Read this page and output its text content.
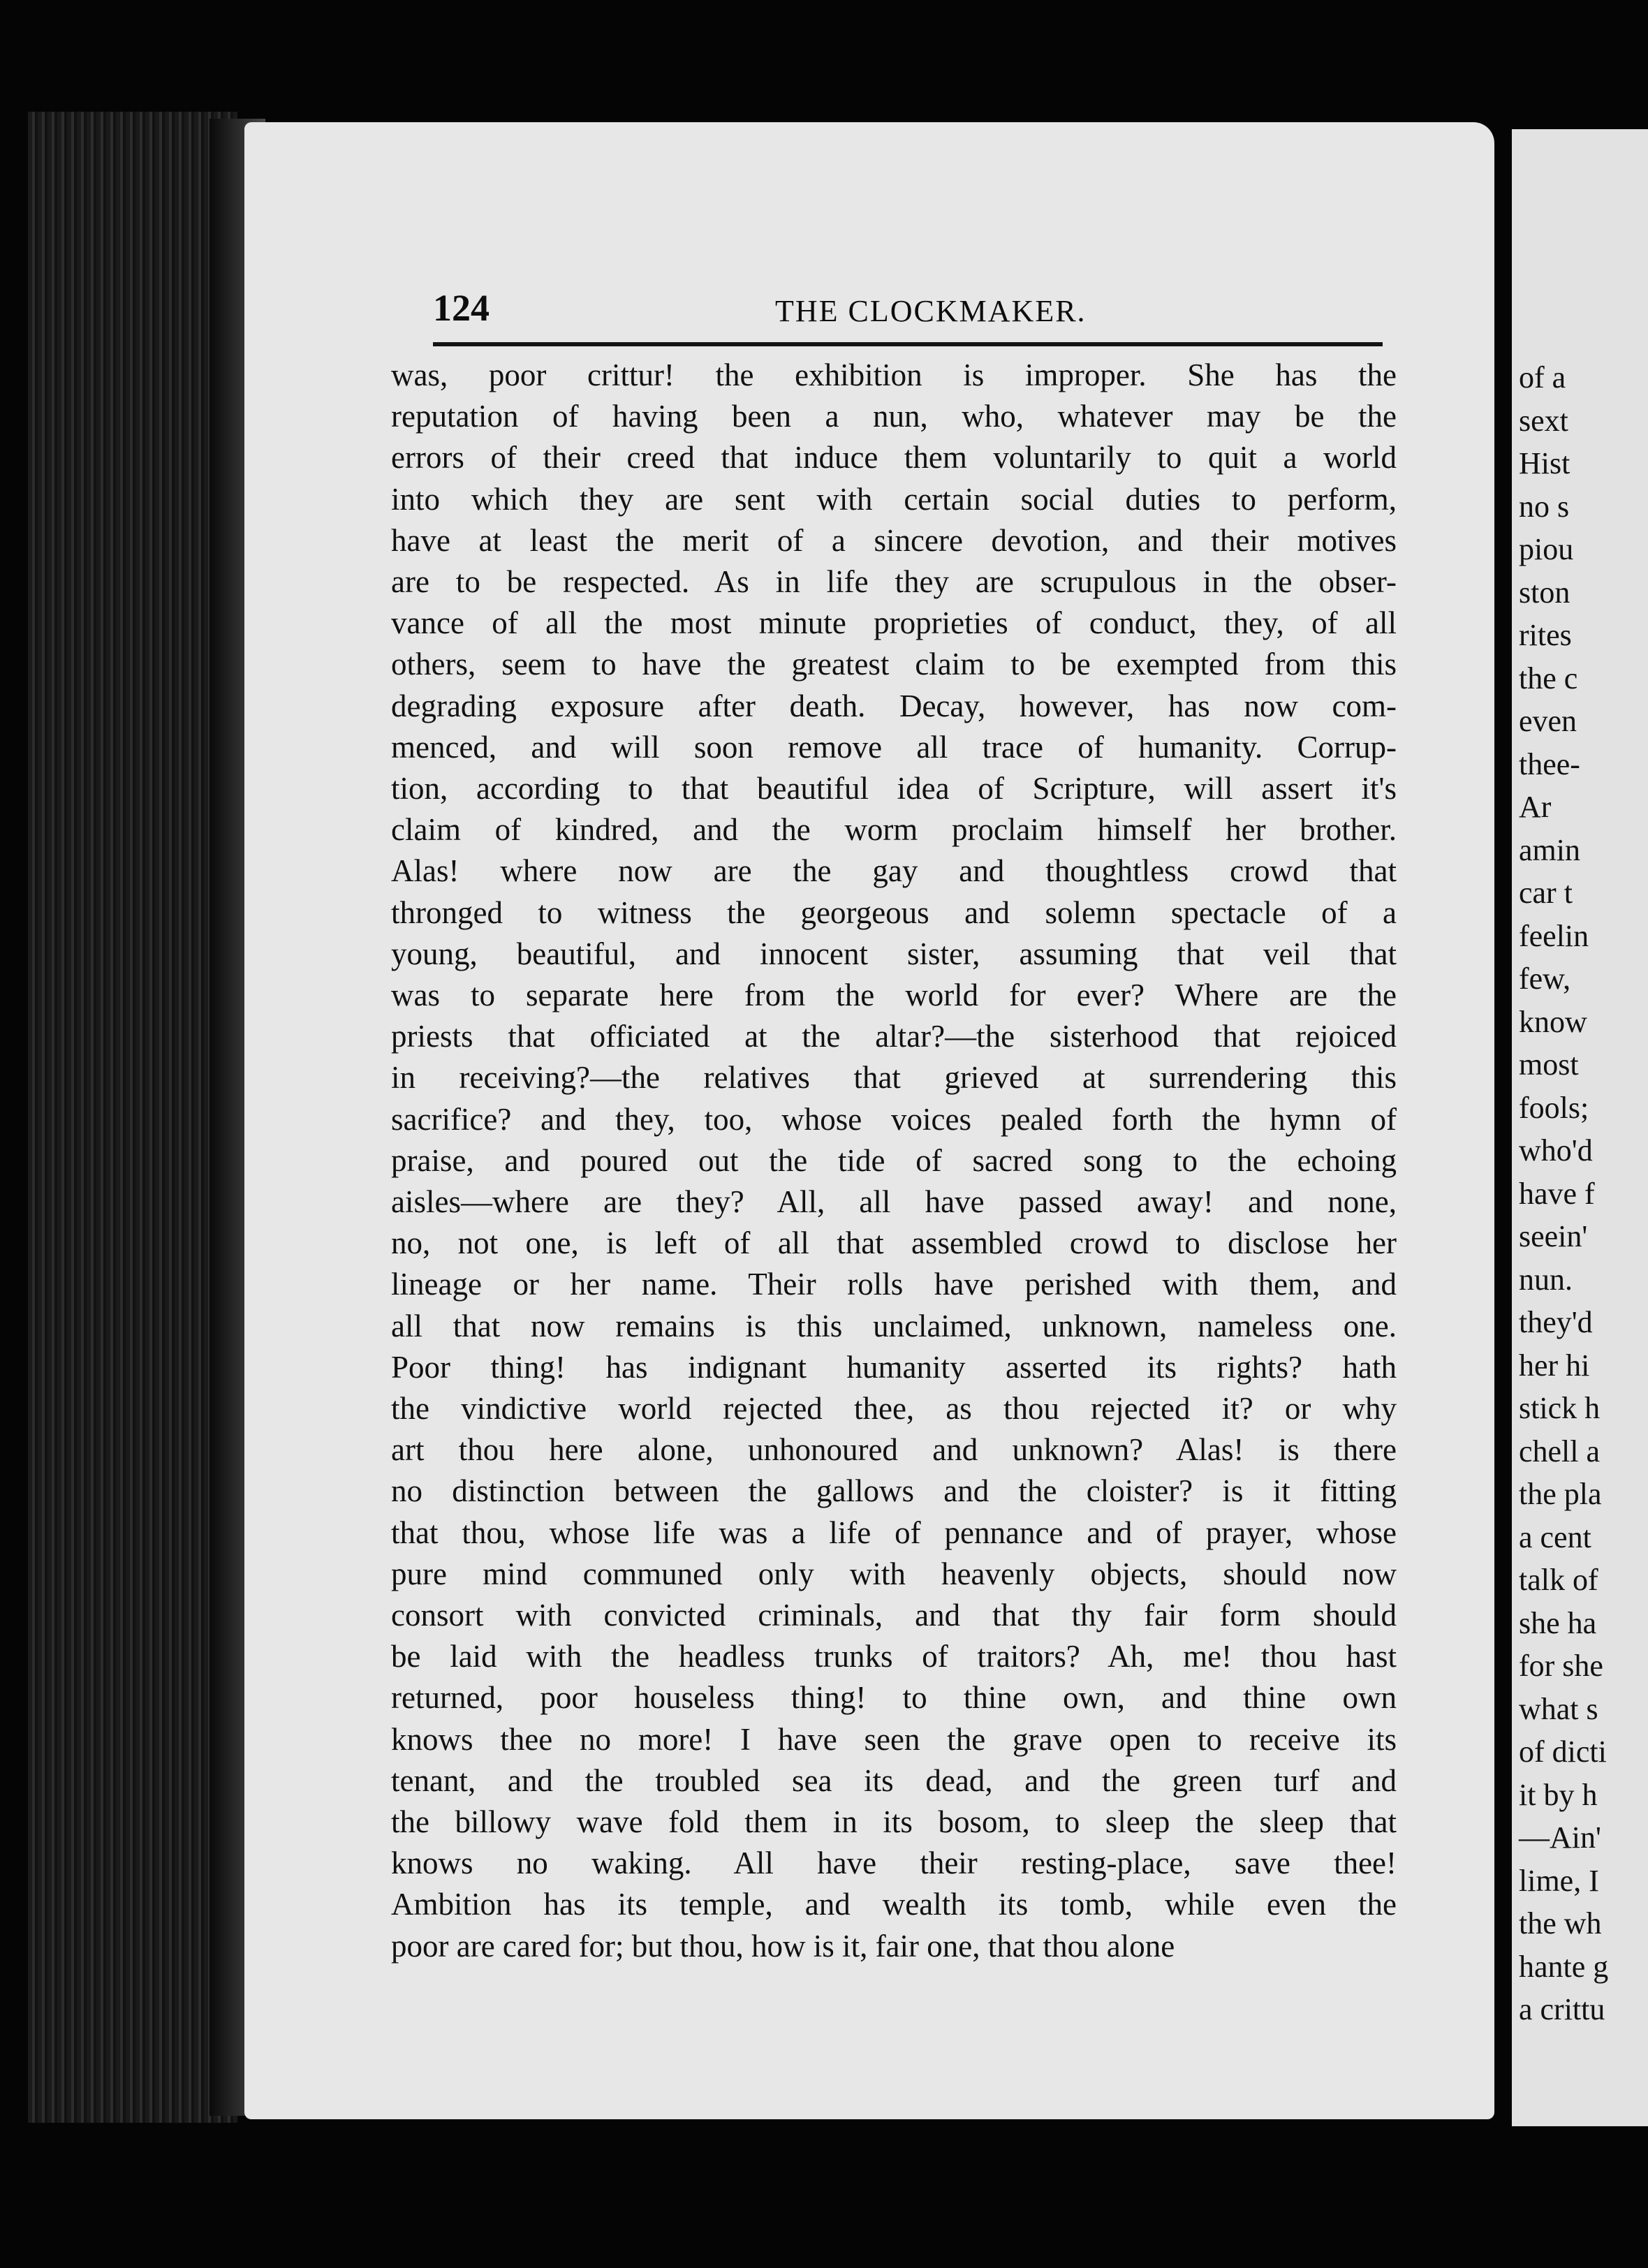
124	THE CLOCKMAKER.
was, poor crittur! the exhibition is improper. She has the
reputation of having been a nun, who, whatever may be the
errors of their creed that induce them voluntarily to quit a world
into which they are sent with certain social duties to perform,
have at least the merit of a sincere devotion, and their motives
are to be respected. As in life they are scrupulous in the obser-
vance of all the most minute proprieties of conduct, they, of all
others, seem to have the greatest claim to be exempted from this
degrading exposure after death. Decay, however, has now com-
menced, and will soon remove all trace of humanity. Corrup-
tion, according to that beautiful idea of Scripture, will assert it's
claim of kindred, and the worm proclaim himself her brother.
Alas! where now are the gay and thoughtless crowd that
thronged to witness the georgeous and solemn spectacle of a
young, beautiful, and innocent sister, assuming that veil that
was to separate here from the world for ever? Where are the
priests that officiated at the altar?—the sisterhood that rejoiced
in receiving?—the relatives that grieved at surrendering this
sacrifice? and they, too, whose voices pealed forth the hymn of
praise, and poured out the tide of sacred song to the echoing
aisles—where are they? All, all have passed away! and none,
no, not one, is left of all that assembled crowd to disclose her
lineage or her name. Their rolls have perished with them, and
all that now remains is this unclaimed, unknown, nameless one.
Poor thing! has indignant humanity asserted its rights? hath
the vindictive world rejected thee, as thou rejected it? or why
art thou here alone, unhonoured and unknown? Alas! is there
no distinction between the gallows and the cloister? is it fitting
that thou, whose life was a life of pennance and of prayer, whose
pure mind communed only with heavenly objects, should now
consort with convicted criminals, and that thy fair form should
be laid with the headless trunks of traitors? Ah, me! thou hast
returned, poor houseless thing! to thine own, and thine own
knows thee no more! I have seen the grave open to receive its
tenant, and the troubled sea its dead, and the green turf and
the billowy wave fold them in its bosom, to sleep the sleep that
knows no waking. All have their resting-place, save thee!
Ambition has its temple, and wealth its tomb, while even the
poor are cared for; but thou, how is it, fair one, that thou alone
of a
sext
Hist
no s
piou
ston
rites
the c
even
thee-
Ar
amin
car t
feelin
few,
know
most
fools;
who'd
have f
seein'
nun.
they'd
her hi
stick h
chell a
the pla
a cent
talk of
she ha
for she
what s
of dicti
it by h
—Ain'
lime, I
the wh
hante g
a crittu
